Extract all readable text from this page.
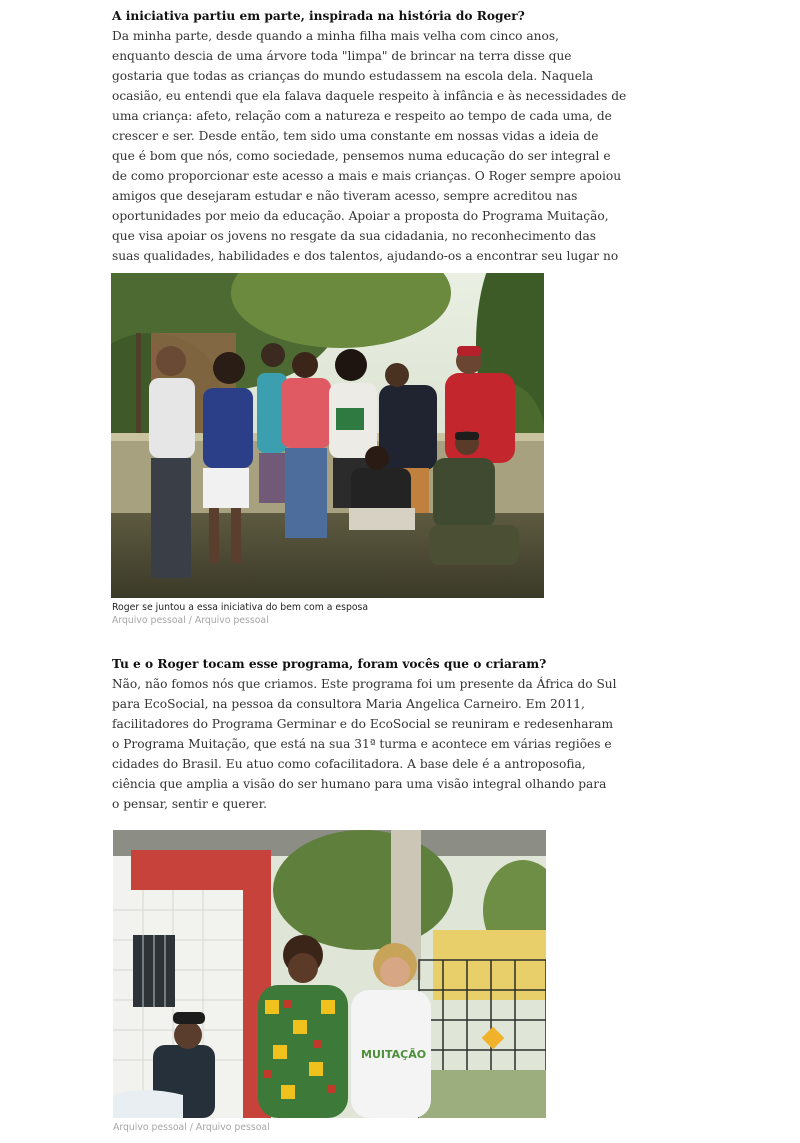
A iniciativa partiu em parte, inspirada na história do Roger?

Da minha parte, desde quando a minha filha mais velha com cinco anos,
enquanto descia de uma árvore toda "limpa" de brincar na terra disse que
gostaria que todas as crianças do mundo estudassem na escola dela. Naquela
ocasião, eu entendi que ela falava daquele respeito à infância e às necessidades de
uma criança: afeto, relação com a natureza e respeito ao tempo de cada uma, de
crescer e ser. Desde então, tem sido uma constante em nossas vidas a ideia de
que é bom que nós, como sociedade, pensemos numa educação do ser integral e
de como proporcionar este acesso a mais e mais crianças. O Roger sempre apoiou
amigos que desejaram estudar e não tiveram acesso, sempre acreditou nas
oportunidades por meio da educação. Apoiar a proposta do Programa Muitação,
que visa apoiar os jovens no resgate da sua cidadania, no reconhecimento das
suas qualidades, habilidades e dos talentos, ajudando-os a encontrar seu lugar no

Roger se juntou a essa iniciativa do bem com a esposa
Arquivo pessoal / Arquivo pessoal

Tu e o Roger tocam esse programa, foram vocês que o criaram?

Não, não fomos nós que criamos. Este programa foi um presente da África do Sul
para EcoSocial, na pessoa da consultora Maria Angelica Carneiro. Em 2011,
facilitadores do Programa Germinar e do EcoSocial se reuniram e redesenharam
o Programa Muitação, que está na sua 31ª turma e acontece em várias regiões e
cidades do Brasil. Eu atuo como cofacilitadora. A base dele é a antroposofia,
ciência que amplia a visão do ser humano para uma visão integral olhando para
o pensar, sentir e querer.

MUITAÇÃO
Arquivo pessoal / Arquivo pessoal
